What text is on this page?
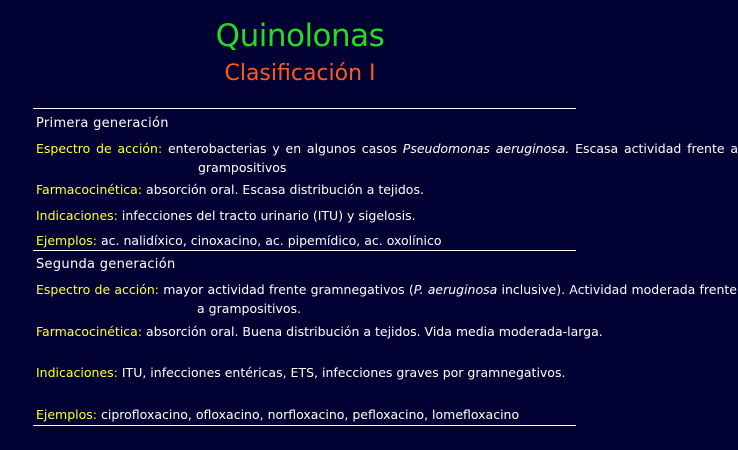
Quinolonas
Clasificación I
Primera generación
Espectro de acción: enterobacterias y en algunos casos Pseudomonas aeruginosa. Escasa actividad frente a grampositivos
Farmacocinética: absorción oral. Escasa distribución a tejidos.
Indicaciones: infecciones del tracto urinario (ITU) y sigelosis.
Ejemplos: ac. nalidíxico, cinoxacino, ac. pipemídico, ac. oxolínico
Segunda generación
Espectro de acción: mayor actividad frente gramnegativos (P. aeruginosa inclusive). Actividad moderada frente a grampositivos.
Farmacocinética: absorción oral. Buena distribución a tejidos. Vida media moderada-larga.
Indicaciones: ITU, infecciones entéricas, ETS, infecciones graves por gramnegativos.
Ejemplos: ciprofloxacino, ofloxacino, norfloxacino, pefloxacino, lomefloxacino
